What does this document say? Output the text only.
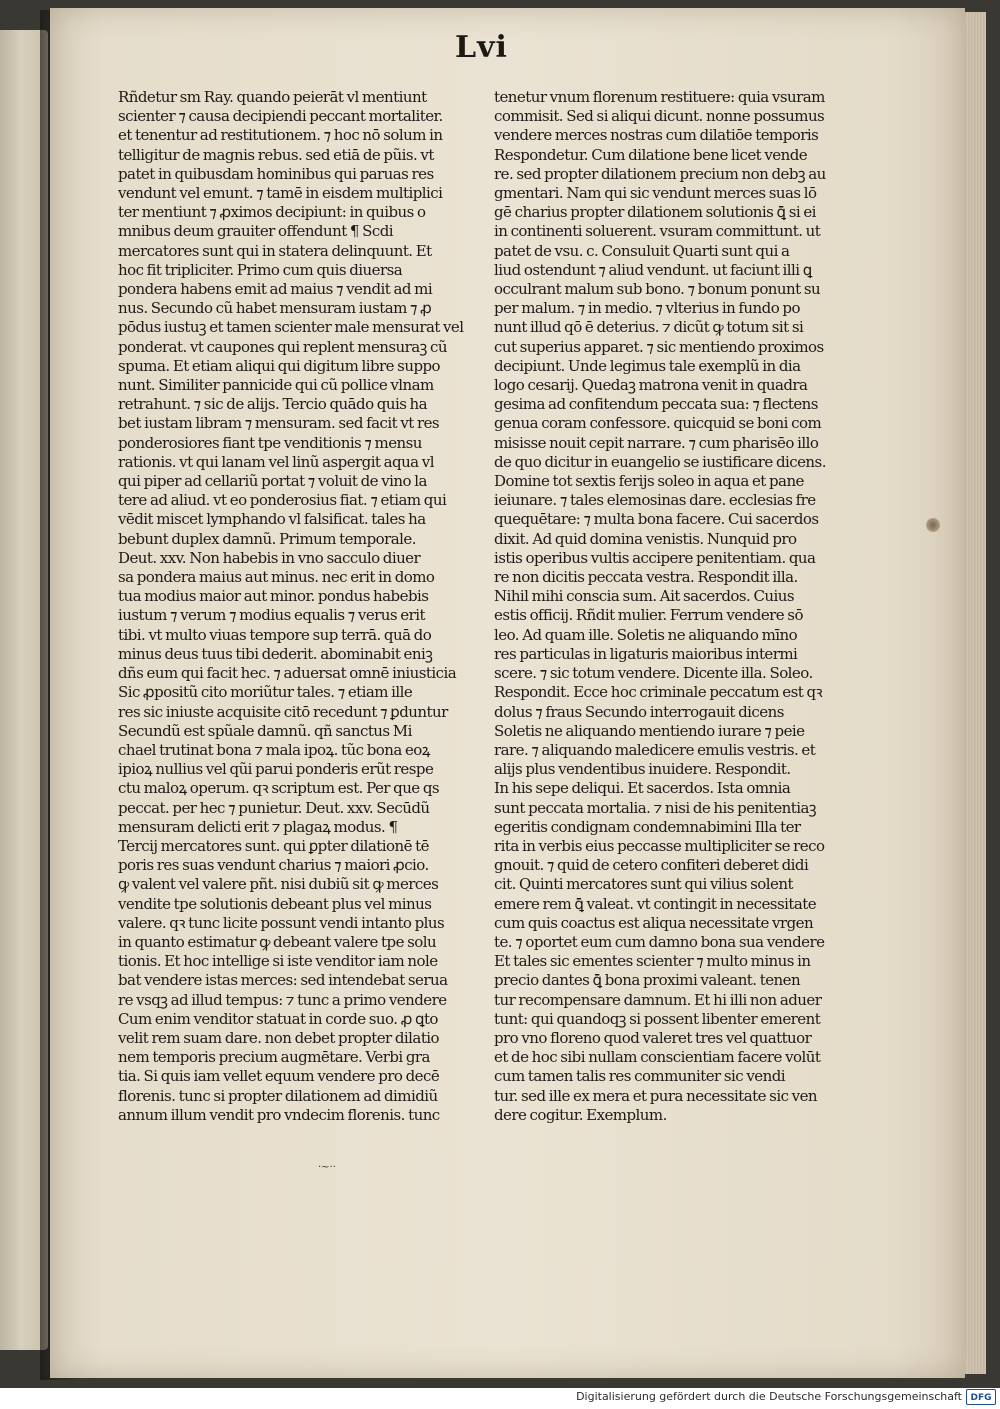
Lvi
Rñdetur sm Ray. quando peierāt vl mentiunt
scienter ⁊ causa decipiendi peccant mortaliter.
et tenentur ad restitutionem. ⁊ hoc nō solum in
telligitur de magnis rebus. sed etiā de pũis. vt
patet in quibusdam hominibus qui paruas res
vendunt vel emunt. ⁊ tamē in eisdem multiplici
ter mentiunt ⁊ ꝓximos decipiunt: in quibus o
mnibus deum grauiter offendunt ¶ Scdi
mercatores sunt qui in statera delinquunt. Et
hoc fit tripliciter. Primo cum quis diuersa
pondera habens emit ad maius ⁊ vendit ad mi
nus. Secundo cũ habet mensuram iustam ⁊ ꝓ
pōdus iustuꝫ et tamen scienter male mensurat vel
ponderat. vt caupones qui replent mensuraꝫ cũ
spuma. Et etiam aliqui qui digitum libre suppo
nunt. Similiter pannicide qui cũ pollice vlnam
retrahunt. ⁊ sic de alijs. Tercio quādo quis ha
bet iustam libram ⁊ mensuram. sed facit vt res
ponderosiores fiant tpe venditionis ⁊ mensu
rationis. vt qui lanam vel linũ aspergit aqua vl
qui piper ad cellariũ portat ⁊ voluit de vino la
tere ad aliud. vt eo ponderosius fiat. ⁊ etiam qui
vēdit miscet lymphando vl falsificat. tales ha
bebunt duplex damnũ. Primum temporale.
Deut. xxv. Non habebis in vno sacculo diuer
sa pondera maius aut minus. nec erit in domo
tua modius maior aut minor. pondus habebis
iustum ⁊ verum ⁊ modius equalis ⁊ verus erit
tibi. vt multo viuas tempore sup terrā. quā do
minus deus tuus tibi dederit. abominabit eniꝫ
dñs eum qui facit hec. ⁊ aduersat omnē iniusticia
Sic ꝓpositũ cito moriũtur tales. ⁊ etiam ille
res sic iniuste acquisite citō recedunt ⁊ ꝑduntur
Secundũ est spũale damnũ. qñ sanctus Mi
chael trutinat bona ⁊ mala ipoꝝ. tũc bona eoꝝ
ipioꝝ nullius vel qũi parui ponderis erũt respe
ctu maloꝝ operum. qꝛ scriptum est. Per que qs
peccat. per hec ⁊ punietur. Deut. xxv. Secūdũ
mensuram delicti erit ⁊ plagaꝝ modus. ¶
Tercij mercatores sunt. qui ꝑpter dilationē tē
poris res suas vendunt charius ⁊ maiori ꝓcio.
ꝙ valent vel valere pñt. nisi dubiũ sit ꝙ merces
vendite tpe solutionis debeant plus vel minus
valere. qꝛ tunc licite possunt vendi intanto plus
in quanto estimatur ꝙ debeant valere tpe solu
tionis. Et hoc intellige si iste venditor iam nole
bat vendere istas merces: sed intendebat serua
re vsqꝫ ad illud tempus: ⁊ tunc a primo vendere
Cum enim venditor statuat in corde suo. ꝓ ꝗto
velit rem suam dare. non debet propter dilatio
nem temporis precium augmētare. Verbi gra
tia. Si quis iam vellet equum vendere pro decē
florenis. tunc si propter dilationem ad dimidiũ
annum illum vendit pro vndecim florenis. tunc
tenetur vnum florenum restituere: quia vsuram
commisit. Sed si aliqui dicunt. nonne possumus
vendere merces nostras cum dilatiōe temporis
Respondetur. Cum dilatione bene licet vende
re. sed propter dilationem precium non debꝫ au
gmentari. Nam qui sic vendunt merces suas lō
gē charius propter dilationem solutionis ꝗ̄ si ei
in continenti soluerent. vsuram committunt. ut
patet de vsu. c. Consuluit Quarti sunt qui a
liud ostendunt ⁊ aliud vendunt. ut faciunt illi ꝗ
occulrant malum sub bono. ⁊ bonum ponunt su
per malum. ⁊ in medio. ⁊ vlterius in fundo po
nunt illud qō ē deterius. ⁊ dicũt ꝙ totum sit si
cut superius apparet. ⁊ sic mentiendo proximos
decipiunt. Unde legimus tale exemplũ in dia
logo cesarij. Quedaꝫ matrona venit in quadra
gesima ad confitendum peccata sua: ⁊ flectens
genua coram confessore. quicquid se boni com
misisse nouit cepit narrare. ⁊ cum pharisēo illo
de quo dicitur in euangelio se iustificare dicens.
Domine tot sextis ferijs soleo in aqua et pane
ieiunare. ⁊ tales elemosinas dare. ecclesias fre
quequētare: ⁊ multa bona facere. Cui sacerdos
dixit. Ad quid domina venistis. Nunquid pro
istis operibus vultis accipere penitentiam. qua
re non dicitis peccata vestra. Respondit illa.
Nihil mihi conscia sum. Ait sacerdos. Cuius
estis officij. Rñdit mulier. Ferrum vendere sō
leo. Ad quam ille. Soletis ne aliquando mīno
res particulas in ligaturis maioribus intermi
scere. ⁊ sic totum vendere. Dicente illa. Soleo.
Respondit. Ecce hoc criminale peccatum est qꝛ
dolus ⁊ fraus Secundo interrogauit dicens
Soletis ne aliquando mentiendo iurare ⁊ peie
rare. ⁊ aliquando maledicere emulis vestris. et
alijs plus vendentibus inuidere. Respondit.
In his sepe deliqui. Et sacerdos. Ista omnia
sunt peccata mortalia. ⁊ nisi de his penitentiaꝫ
egeritis condignam condemnabimini Illa ter
rita in verbis eius peccasse multipliciter se reco
gnouit. ⁊ quid de cetero confiteri deberet didi
cit. Quinti mercatores sunt qui vilius solent
emere rem ꝗ̄ valeat. vt contingit in necessitate
cum quis coactus est aliqua necessitate vrgen
te. ⁊ oportet eum cum damno bona sua vendere
Et tales sic ementes scienter ⁊ multo minus in
precio dantes ꝗ̄ bona proximi valeant. tenen
tur recompensare damnum. Et hi illi non aduer
tunt: qui quandoqꝫ si possent libenter emerent
pro vno floreno quod valeret tres vel quattuor
et de hoc sibi nullam conscientiam facere volūt
cum tamen talis res communiter sic vendi
tur. sed ille ex mera et pura necessitate sic ven
dere cogitur. Exemplum.
·~··
Digitalisierung gefördert durch die Deutsche Forschungsgemeinschaft DFG
